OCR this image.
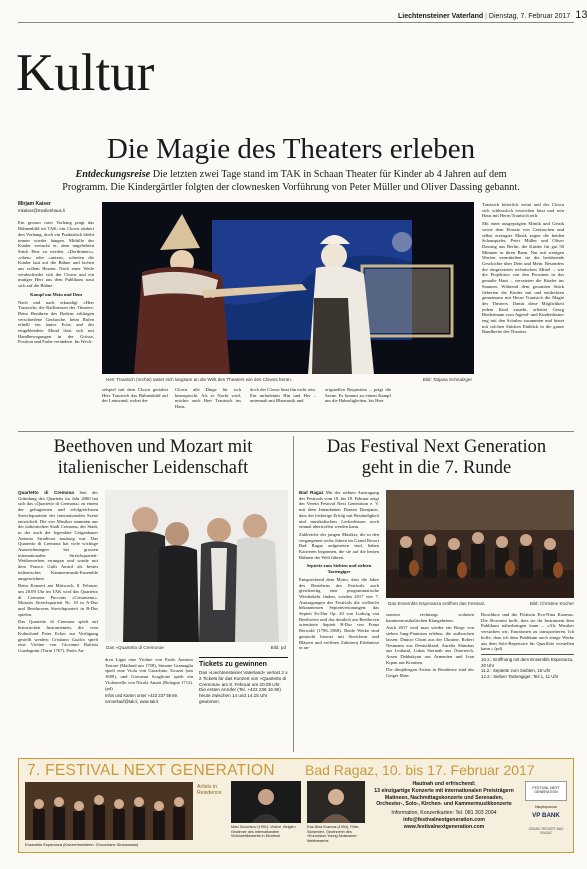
Liechtensteiner Vaterland | Dienstag, 7. Februar 2017 13
Kultur
Die Magie des Theaters erleben
Entdeckungsreise Die letzten zwei Tage stand im TAK in Schaan Theater für Kinder ab 4 Jahren auf dem Programm. Die Kindergärtler folgten der clownesken Vorführung von Peter Müller und Oliver Dassing gebannt.
Mirjam Kaiser
mkaiser@medienhaus.li

Ein grosser roter Vorhang prägt das Bühnenbild im TAK; ein Clown säubert den Vorhang, doch ein Punktstück bleibt immer wieder hängen. Mithilfe der Kinder versucht er, dem ungeliebten Stück Herr zu werden. »Dorthinters«, »oben« oder »unten«, schreien die Kinder laut auf die Bühne und lachen aus vollem Herzen. Nach einer Weile verabschiedet sich der Clown und ein mutiger Herr aus dem Publikum traut sich auf die Bühne.

Kampf um Mein und Dein

Nach und nach erkundigt »Herr Trautsich« die Raffinessen des Theaters: Beim Berühren des Bodens erklingen verschiedene Geräusche, beim Rufen erhellt ein lautes Echo und der eingeblendete Mond lässt sich mit Handbewegungen in der Grösse, Position und Farbe verändern. Im Wech-

Herr Trautsich (rechts) tastet sich langsam an die Welt des Theaters wie des Clowns heran.	Bild: Tatjana Schnalzger
selspiel mit dem Clown gestaltet Herr Trautsich das Bühnenbild auf der Leinwand, wobei der
Clown alle Dinge für sich beansprucht. Als es Nacht wird, möchte auch Herr Trautsich ins Haus,
doch der Clown lässt ihn nicht rein. Ein turbulentes Hin und Her – untermalt mit Blasmusik und
originellen Requisiten – prägt die Szene. Es kommt zu einem Kampf um die Habseligkeiten, bis Herr

Trautsich bitterlich weint und der Clown sich schliesslich erweichen lässt und sein Haus mit Herrn Trautsich teilt.

Mit einer ausgeprägten Mimik und Gestik sowie dem Einsatz von Geräuschen und selbst erzeugter Musik zogen die beiden Schauspieler, Peter Müller und Oliver Dassing aus Berlin, die Kinder für gut 50 Minuten in ihren Bann. Nur mit wenigen Worten vermittelten sie die berührende Geschichte über Dein und Mein. Besonders die eingesetzten technischen Mittel – wie die Projektion von den Personen in das gemalte Haus – versetzten die Kinder ins Staunen. Während dem gesamten Stück fieberten die Kinder mit und entdeckten gemeinsam mit Herrn Trautsich die Magie des Theaters. Damit diese Möglichkeit jedem Kind zusteht, arbeitet Georg Biedermann vom Jugend- und Kindertheater eng mit den Schulen zusammen und bietet mit solchen Stücken Einblick in die ganze Bandbreite des Theaters.

Beethoven und Mozart mit
italienischer Leidenschaft

Quartetto di Cremona Seit der Gründung des Quartetts im Jahr 2000 hat sich das »Quartetto di Cremona« zu einem der gefragtesten und erfolgreichsten Streichquartette der internationalen Szene entwickelt. Die vier Musiker stammen aus der italienischen Stadt Cremona, der Stadt, in der auch der legendäre Geigenbauer Antonio Stradivari ansässig war. Das Quartetto di Cremona hat viele wichtige Auszeichnungen bei grossen internationalen Streichquartett-Wettbewerben errungen und wurde mit dem Franco Gulli Award als bestes italienisches Kammermusik-Ensemble ausgezeichnet.

Beim Konzert am Mittwoch, 8. Februar, um 20.09 Uhr im TAK wird das Quartetto di Cremona Puccinis »Crisantemi«, Mozarts Streichquartett Nr. 18 in A-Dur und Beethovens Streichquartett in B-Dur spielen.

Das Quartetto di Cremona spielt auf historischen Instrumenten, die vom Kulturfond Peter Eckes zur Verfügung gestellt werden: Cristiano Gualco spielt eine Violine von Giovanni Battista Guadagnini (Turin 1767), Paolo An-

Das »Quartetto di Cremona«	Bild: pd

drea Lippi eine Violine von Paolo Antonio Testore (Mailand um 1758), Simone Gramaglia spielt eine Viola von Gioachino Torazzi (um 1680), und Giovanni Scaglione spielt ein Violoncello von Nicola Amati (Bologna 1712). (pd)

Infos und Karten unter +423 237 59 69, vorverkauf@tak.li, www.tak.li

Tickets zu gewinnen
Das »Liechtensteiner Vaterland« verlost 2 x 2 Tickets für das Konzert von »Quartetto di Cremona« am 8. Februar um 20.09 Uhr. Die ersten Anrufer (Tel. +423 236 16 90) heute zwischen 14 und 14.15 Uhr gewinnen.
Das Festival Next Generation
geht in die 7. Runde

Bad Ragaz Mit der siebten Austragung des Festivals vom 10. bis 18. Februar zeigt der Verein Festival Next Generation e. V. mit dem Intendanten Drazen Domjanic, dass der bisherige Erfolg mit Beständigkeit und musikalischen Leckerbissen noch einmal übertroffen werden kann.

Zahlreiche der jungen Musiker, die in den vergangenen sechs Jahren im Grand Resort Bad Ragaz aufgetreten sind, haben Karrieren begonnen, die sie auf die besten Bühnen der Welt führen.

Septette zum Siebten und siebten Tastengiger

Entsprechend dem Motto, dass die Jahre des Bestehens des Festivals auch gleichzeitig eine programmatische Wiederkehr finden, werden 2017 vier 7. Austragungen des Festivals die vielleicht bekanntesten Septettvertonungen: das Septett Es-Dur Op. 20 von Ludwig van Beethoven und das deutlich am Beethoven orientierte Septett B-Dur von Franz Berwald (1796–1868). Beide Werke sind gemischt besetzt mit Streichern und Bläsern und eröffnen Zuhörern Erlebnisse in an-

Das Ensemble Esperanza eröffnet das Festival.	Bild: Christine Kocher

sonsten rechtungs wohnten kammermusikalischen Klangebenen.

Auch 2017 wird man wieder ein Riege von sieben Jung-Pianisten erleben, die aufhorchen lassen: Dmitro Choni aus der Ukraine, Robert Neumann aus Deutschland, Aurelia Shimkus aus Lettland, Lukas Sternath aus Österreich, Arsen Dabbakyan aus Armenien und Ivan Krpan aus Kroatien.

Die diesjährigen Artists in Residence sind der Geiger Marc

Bouchkov und die Flötistin Eva-Nina Kozmus. Die Slowenin hofft, dass sie ihr Instrument dem Publikum näherbringen kann – »Als Musiker versuchen wir, Emotionen zu transportieren. Ich hoffe, dass ich dem Publikum auch einige Werke aus dem Solo-Repertoire für Querflöte vorstellen kann.« (pd)

10.2.: Eröffnung mit dem Ensemble Esperanza, 20 Uhr
11.2.: Septette zum Siebten, 16 Uhr
12.2.: Sieben Tastengiger, Teil 1, 11 Uhr
7. FESTIVAL NEXT GENERATION Bad Ragaz, 10. bis 17. Februar 2017
Ensemble Esperanza (Konzertmeisterin: Chouchane Siranossian)
Artists in Residence
Marc Bouchkov (1991), Violine, Belgien. Gewinner des Internationalen Violinwettbewerbs in Montreal
Eva-Nina Kozmus (1994), Flöte, Slowenien, Gewinnerin des »Eurovision Young Musicians« Wettbewerbs
Hautnah und erfrischend:
13 einzigartige Konzerte mit internationalen Preisträgern
Matineen, Nachmittagskonzerte und Serenaden,
Orchester-, Solo-, Kirchen- und Kammermusikkonzerte
Information, Konzertkarten: Tel. 081 303 2004
info@festivalnextgeneration.com
www.festivalnextgeneration.com
FESTIVAL NEXT GENERATION
Hauptsponsor
VP BANK
GRAND RESORT BAD RAGAZ
